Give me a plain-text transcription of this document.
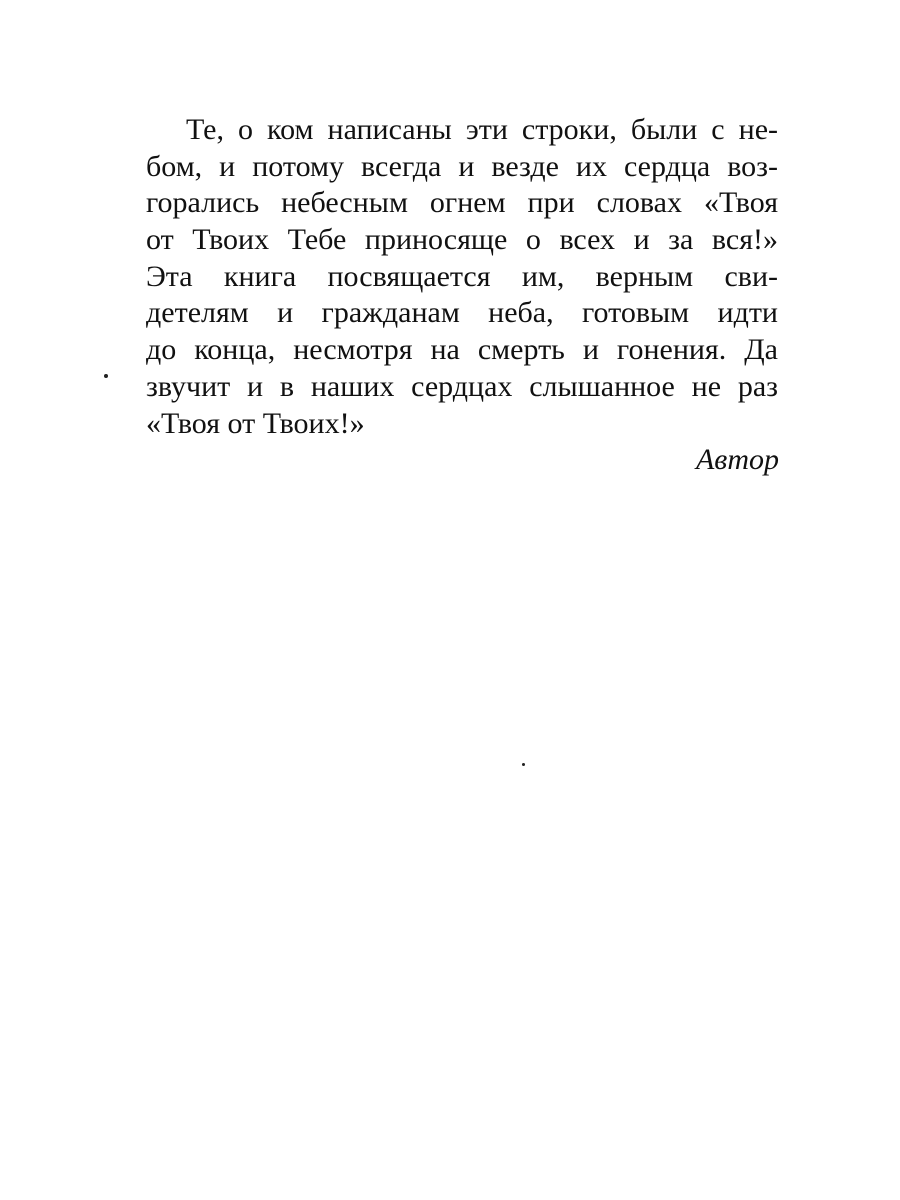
Те, о ком написаны эти строки, были с не-
бом, и потому всегда и везде их сердца воз-
горались небесным огнем при словах «Твоя
от Твоих Тебе приносяще о всех и за вся!»
Эта книга посвящается им, верным сви-
детелям и гражданам неба, готовым идти
до конца, несмотря на смерть и гонения. Да
звучит и в наших сердцах слышанное не раз
«Твоя от Твоих!»
Автор
